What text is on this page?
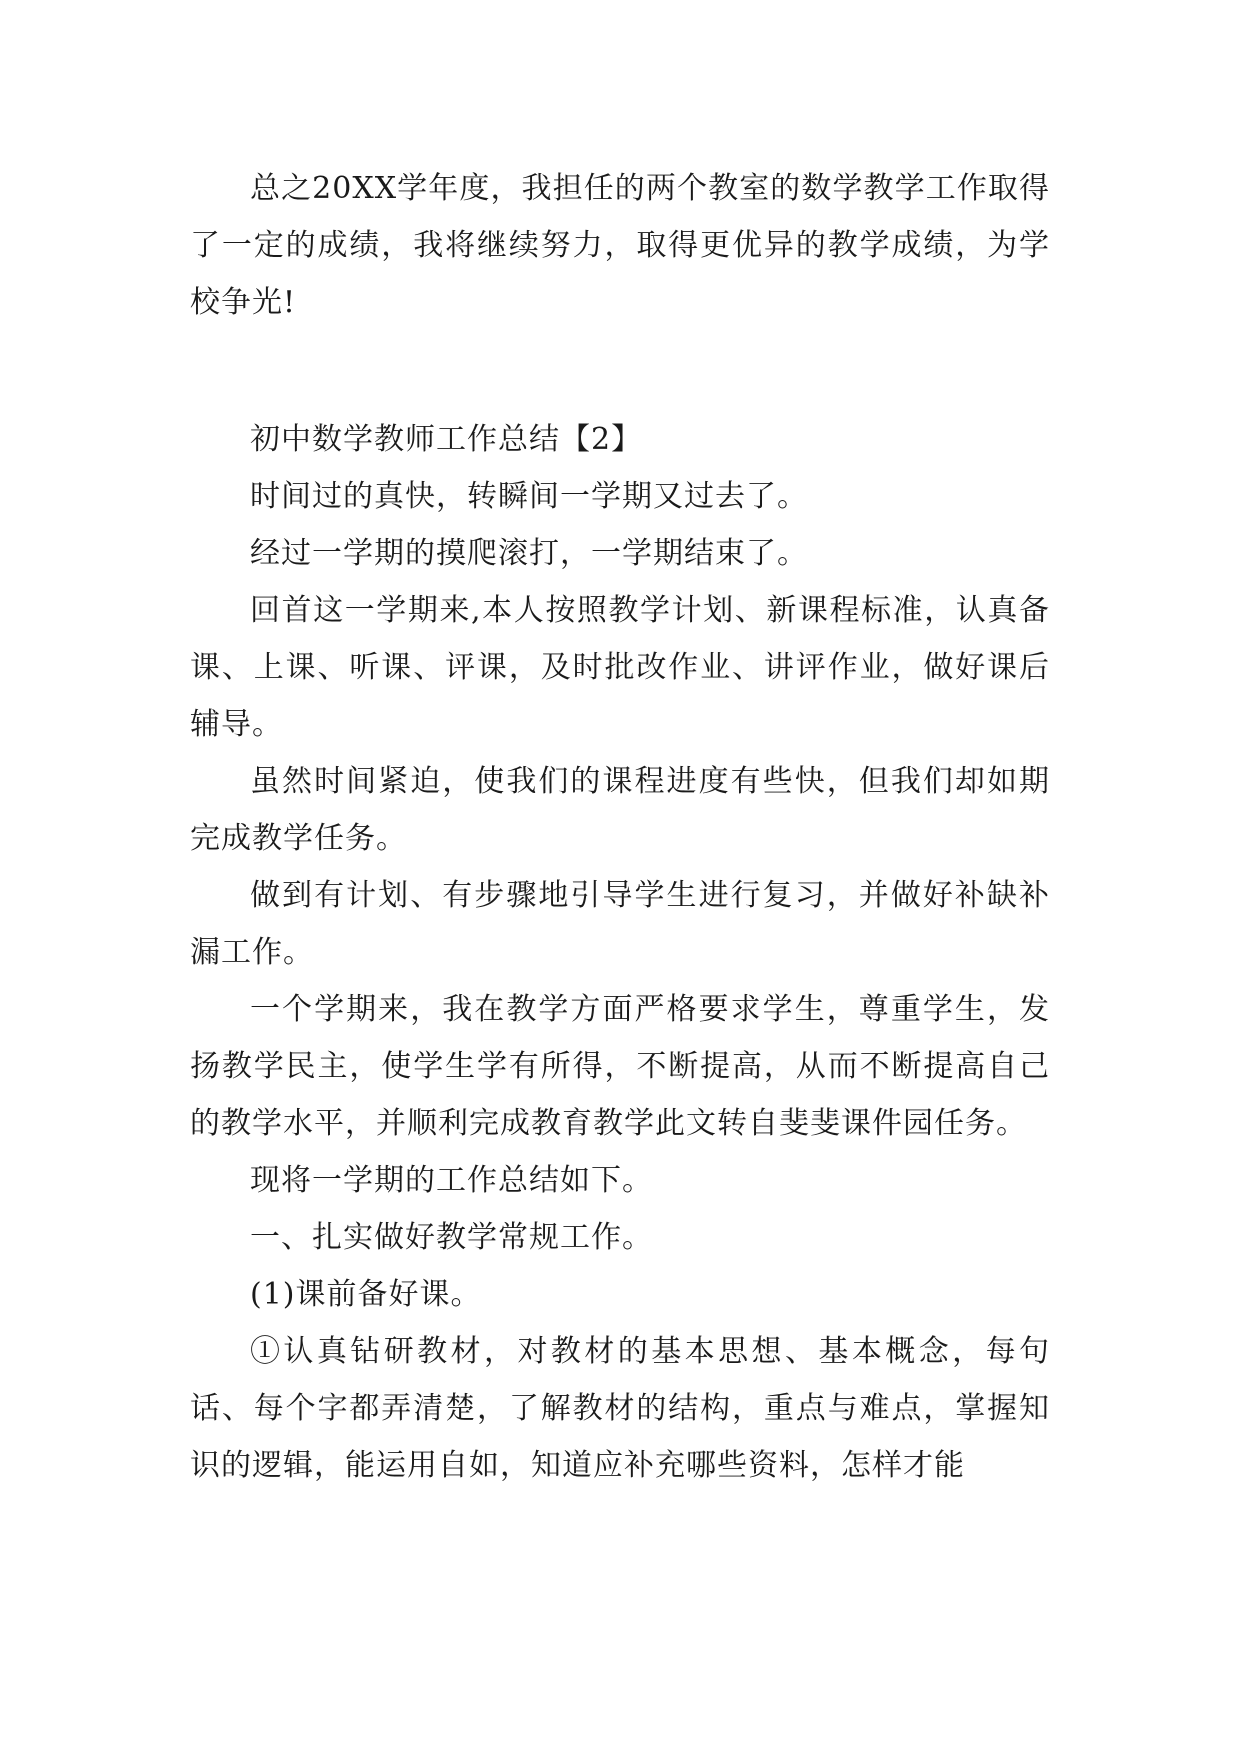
总之20XX学年度，我担任的两个教室的数学教学工作取得了一定的成绩，我将继续努力，取得更优异的教学成绩，为学校争光!

初中数学教师工作总结【2】

时间过的真快，转瞬间一学期又过去了。

经过一学期的摸爬滚打，一学期结束了。

回首这一学期来,本人按照教学计划、新课程标准，认真备课、上课、听课、评课，及时批改作业、讲评作业，做好课后辅导。

虽然时间紧迫，使我们的课程进度有些快，但我们却如期完成教学任务。

做到有计划、有步骤地引导学生进行复习，并做好补缺补漏工作。

一个学期来，我在教学方面严格要求学生，尊重学生，发扬教学民主，使学生学有所得，不断提高，从而不断提高自己的教学水平，并顺利完成教育教学此文转自斐斐课件园任务。

现将一学期的工作总结如下。

一、扎实做好教学常规工作。

(1)课前备好课。

①认真钻研教材，对教材的基本思想、基本概念，每句话、每个字都弄清楚，了解教材的结构，重点与难点，掌握知识的逻辑，能运用自如，知道应补充哪些资料，怎样才能
